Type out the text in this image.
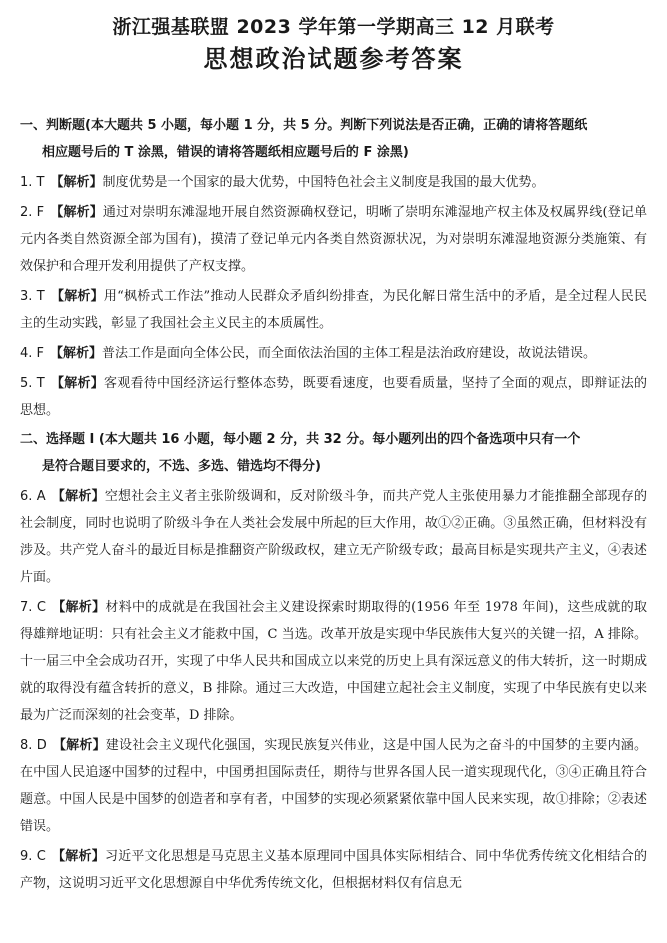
浙江强基联盟 2023 学年第一学期高三 12 月联考
思想政治试题参考答案
一、判断题(本大题共 5 小题，每小题 1 分，共 5 分。判断下列说法是否正确，正确的请将答题纸
相应题号后的 T 涂黑，错误的请将答题纸相应题号后的 F 涂黑)
1. T 【解析】制度优势是一个国家的最大优势，中国特色社会主义制度是我国的最大优势。
2. F 【解析】通过对崇明东滩湿地开展自然资源确权登记，明晰了崇明东滩湿地产权主体及权属界线(登记单元内各类自然资源全部为国有)，摸清了登记单元内各类自然资源状况，为对崇明东滩湿地资源分类施策、有效保护和合理开发利用提供了产权支撑。
3. T 【解析】用“枫桥式工作法”推动人民群众矛盾纠纷排查，为民化解日常生活中的矛盾，是全过程人民民主的生动实践，彰显了我国社会主义民主的本质属性。
4. F 【解析】普法工作是面向全体公民，而全面依法治国的主体工程是法治政府建设，故说法错误。
5. T 【解析】客观看待中国经济运行整体态势，既要看速度，也要看质量，坚持了全面的观点，即辩证法的思想。
二、选择题 I (本大题共 16 小题，每小题 2 分，共 32 分。每小题列出的四个备选项中只有一个
是符合题目要求的，不选、多选、错选均不得分)
6. A 【解析】空想社会主义者主张阶级调和，反对阶级斗争，而共产党人主张使用暴力才能推翻全部现存的社会制度，同时也说明了阶级斗争在人类社会发展中所起的巨大作用，故①②正确。③虽然正确，但材料没有涉及。共产党人奋斗的最近目标是推翻资产阶级政权，建立无产阶级专政；最高目标是实现共产主义，④表述片面。
7. C 【解析】材料中的成就是在我国社会主义建设探索时期取得的(1956 年至 1978 年间)，这些成就的取得雄辩地证明：只有社会主义才能救中国，C 当选。改革开放是实现中华民族伟大复兴的关键一招，A 排除。十一届三中全会成功召开，实现了中华人民共和国成立以来党的历史上具有深远意义的伟大转折，这一时期成就的取得没有蕴含转折的意义，B 排除。通过三大改造，中国建立起社会主义制度，实现了中华民族有史以来最为广泛而深刻的社会变革，D 排除。
8. D 【解析】建设社会主义现代化强国，实现民族复兴伟业，这是中国人民为之奋斗的中国梦的主要内涵。在中国人民追逐中国梦的过程中，中国勇担国际责任，期待与世界各国人民一道实现现代化，③④正确且符合题意。中国人民是中国梦的创造者和享有者，中国梦的实现必须紧紧依靠中国人民来实现，故①排除；②表述错误。
9. C 【解析】习近平文化思想是马克思主义基本原理同中国具体实际相结合、同中华优秀传统文化相结合的产物，这说明习近平文化思想源自中华优秀传统文化，但根据材料仅有信息无
